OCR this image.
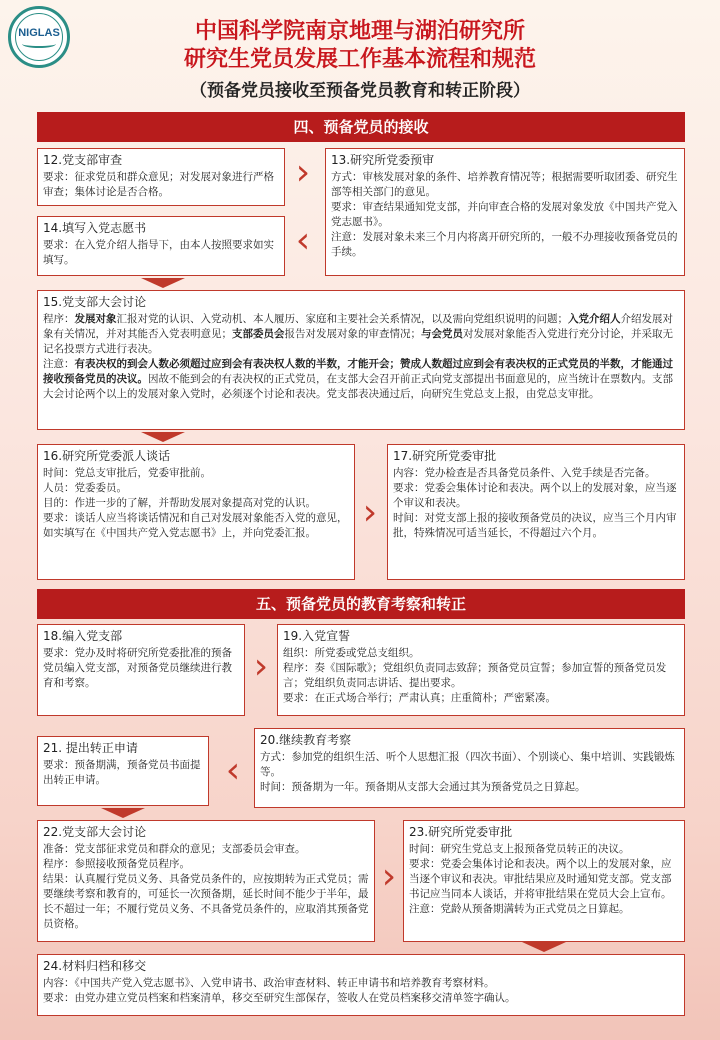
NIGLAS	中国科学院南京地理与湖泊研究所
研究生党员发展工作基本流程和规范
（预备党员接收至预备党员教育和转正阶段）
四、预备党员的接收
12.党支部审查

要求：征求党员和群众意见；对发展对象进行严格审查；集体讨论是否合格。	›	13.研究所党委预审

方式：审核发展对象的条件、培养教育情况等；根据需要听取团委、研究生部等相关部门的意见。

要求：审查结果通知党支部，并向审查合格的发展对象发放《中国共产党入党志愿书》。

注意：发展对象未来三个月内将离开研究所的，一般不办理接收预备党员的手续。

14.填写入党志愿书

要求：在入党介绍人指导下，由本人按照要求如实填写。	‹
15.党支部大会讨论

程序：发展对象汇报对党的认识、入党动机、本人履历、家庭和主要社会关系情况，以及需向党组织说明的问题；入党介绍人介绍发展对象有关情况，并对其能否入党表明意见；支部委员会报告对发展对象的审查情况；与会党员对发展对象能否入党进行充分讨论，并采取无记名投票方式进行表决。

注意：有表决权的到会人数必须超过应到会有表决权人数的半数，才能开会；赞成人数超过应到会有表决权的正式党员的半数，才能通过接收预备党员的决议。因故不能到会的有表决权的正式党员，在支部大会召开前正式向党支部提出书面意见的，应当统计在票数内。支部大会讨论两个以上的发展对象入党时，必须逐个讨论和表决。党支部表决通过后，向研究生党总支上报，由党总支审批。

16.研究所党委派人谈话

时间：党总支审批后，党委审批前。

人员：党委委员。

目的：作进一步的了解，并帮助发展对象提高对党的认识。

要求：谈话人应当将谈话情况和自己对发展对象能否入党的意见，如实填写在《中国共产党入党志愿书》上，并向党委汇报。	›
17.研究所党委审批

内容：党办检查是否具备党员条件、入党手续是否完备。

要求：党委会集体讨论和表决。两个以上的发展对象，应当逐个审议和表决。

时间：对党支部上报的接收预备党员的决议，应当三个月内审批，特殊情况可适当延长，不得超过六个月。

五、预备党员的教育考察和转正
18.编入党支部

要求：党办及时将研究所党委批准的预备党员编入党支部，对预备党员继续进行教育和考察。	›
19.入党宣誓

组织：所党委或党总支组织。

程序：奏《国际歌》；党组织负责同志致辞；预备党员宣誓；参加宣誓的预备党员发言；党组织负责同志讲话、提出要求。

要求：在正式场合举行；严肃认真；庄重简朴；严密紧凑。

21. 提出转正申请

要求：预备期满，预备党员书面提出转正申请。	‹
20.继续教育考察

方式：参加党的组织生活、听个人思想汇报（四次书面）、个别谈心、集中培训、实践锻炼等。

时间：预备期为一年。预备期从支部大会通过其为预备党员之日算起。

22.党支部大会讨论

准备：党支部征求党员和群众的意见；支部委员会审查。

程序：参照接收预备党员程序。

结果：认真履行党员义务、具备党员条件的，应按期转为正式党员；需要继续考察和教育的，可延长一次预备期，延长时间不能少于半年，最长不超过一年；不履行党员义务、不具备党员条件的，应取消其预备党员资格。

›
23.研究所党委审批

时间：研究生党总支上报预备党员转正的决议。

要求：党委会集体讨论和表决。两个以上的发展对象，应当逐个审议和表决。审批结果应及时通知党支部。党支部书记应当同本人谈话，并将审批结果在党员大会上宣布。

注意：党龄从预备期满转为正式党员之日算起。

24.材料归档和移交

内容：《中国共产党入党志愿书》、入党申请书、政治审查材料、转正申请书和培养教育考察材料。

要求：由党办建立党员档案和档案清单，移交至研究生部保存，签收人在党员档案移交清单签字确认。
